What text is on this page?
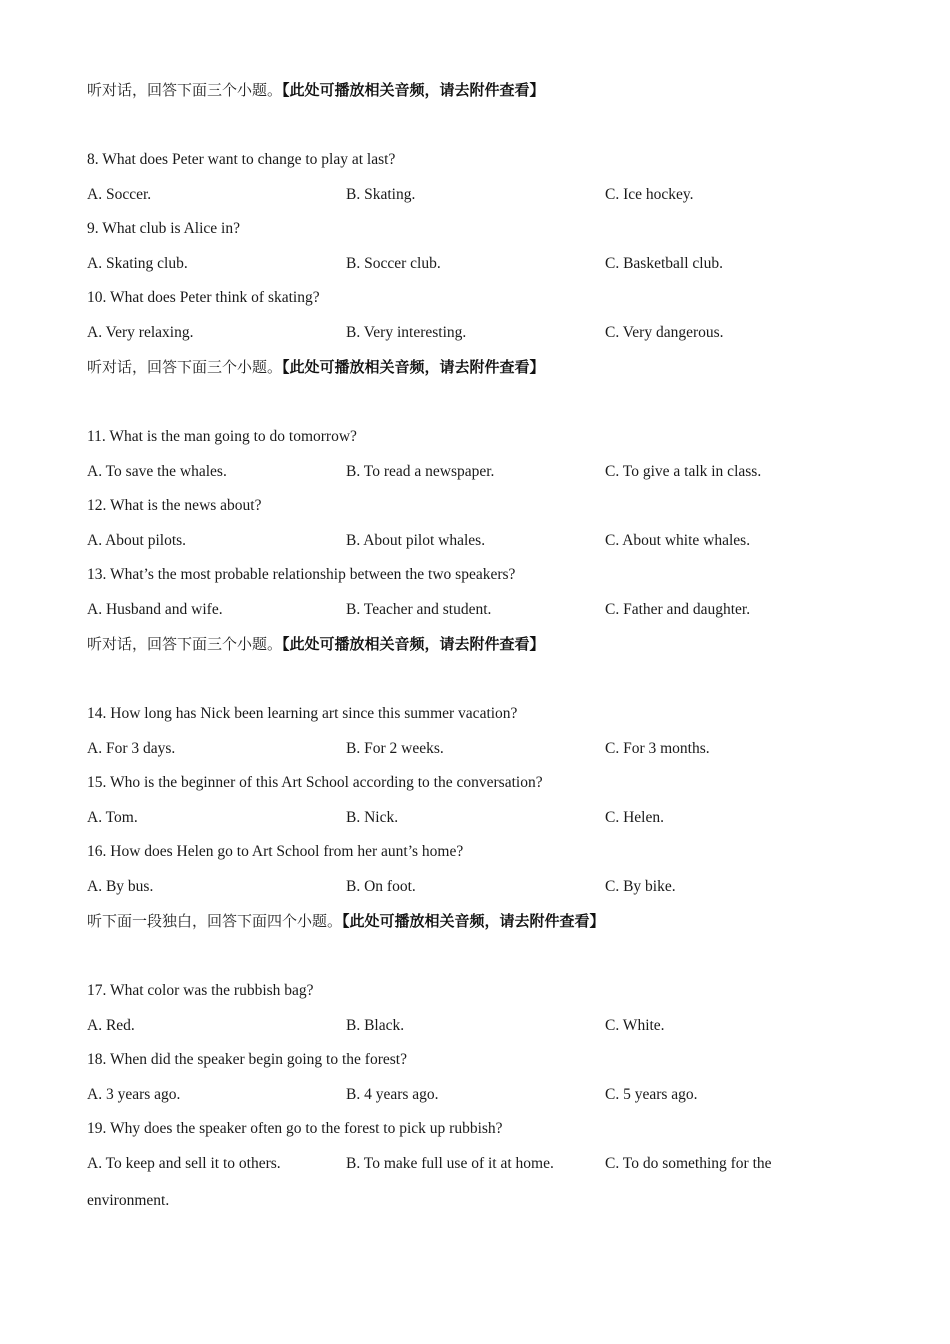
听对话，回答下面三个小题。【此处可播放相关音频，请去附件查看】
8. What does Peter want to change to play at last?
A. Soccer.	B. Skating.	C. Ice hockey.
9. What club is Alice in?
A. Skating club.	B. Soccer club.	C. Basketball club.
10. What does Peter think of skating?
A. Very relaxing.	B. Very interesting.	C. Very dangerous.
听对话，回答下面三个小题。【此处可播放相关音频，请去附件查看】
11. What is the man going to do tomorrow?
A. To save the whales.	B. To read a newspaper.	C. To give a talk in class.
12. What is the news about?
A. About pilots.	B. About pilot whales.	C. About white whales.
13. What’s the most probable relationship between the two speakers?
A. Husband and wife.	B. Teacher and student.	C. Father and daughter.
听对话，回答下面三个小题。【此处可播放相关音频，请去附件查看】
14. How long has Nick been learning art since this summer vacation?
A. For 3 days.	B. For 2 weeks.	C. For 3 months.
15. Who is the beginner of this Art School according to the conversation?
A. Tom.	B. Nick.	C. Helen.
16. How does Helen go to Art School from her aunt’s home?
A. By bus.	B. On foot.	C. By bike.
听下面一段独白，回答下面四个小题。【此处可播放相关音频，请去附件查看】
17. What color was the rubbish bag?
A. Red.	B. Black.	C. White.
18. When did the speaker begin going to the forest?
A. 3 years ago.	B. 4 years ago.	C. 5 years ago.
19. Why does the speaker often go to the forest to pick up rubbish?
A. To keep and sell it to others.	B. To make full use of it at home.	C. To do something for the
environment.
